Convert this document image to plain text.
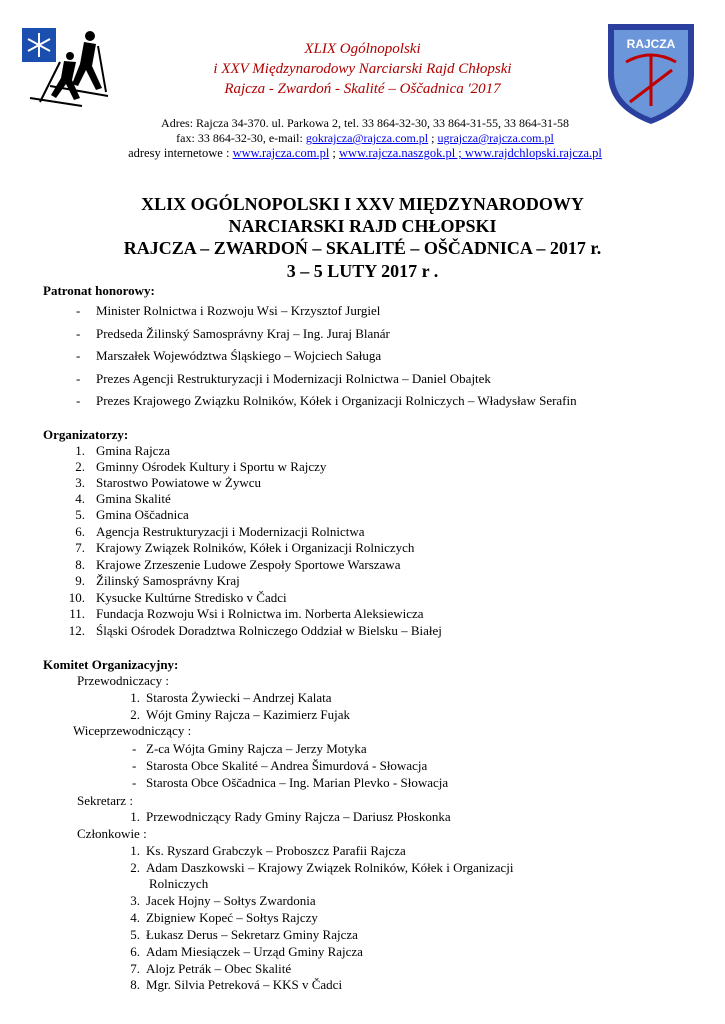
RAJCZA
XLIX Ogólnopolski
i XXV Międzynarodowy Narciarski Rajd Chłopski
Rajcza - Zwardoń - Skalité – Oščadnica '2017
Adres: Rajcza 34-370. ul. Parkowa 2, tel. 33 864-32-30, 33 864-31-55, 33 864-31-58
fax: 33 864-32-30, e-mail: gokrajcza@rajcza.com.pl ; ugrajcza@rajcza.com.pl
adresy internetowe : www.rajcza.com.pl ; www.rajcza.naszgok.pl ; www.rajdchlopski.rajcza.pl
XLIX OGÓLNOPOLSKI I XXV MIĘDZYNARODOWY
NARCIARSKI RAJD CHŁOPSKI
RAJCZA – ZWARDOŃ – SKALITÉ – OŠČADNICA – 2017 r.
3 – 5 LUTY 2017 r .
Patronat honorowy:
- Minister Rolnictwa i Rozwoju Wsi – Krzysztof Jurgiel
- Predseda Žilinský Samosprávny Kraj – Ing. Juraj Blanár
- Marszałek Województwa Śląskiego – Wojciech Saługa
- Prezes Agencji Restrukturyzacji i Modernizacji Rolnictwa – Daniel Obajtek
- Prezes Krajowego Związku Rolników, Kółek i Organizacji Rolniczych – Władysław Serafin
Organizatorzy:
1. Gmina Rajcza
2. Gminny Ośrodek Kultury i Sportu w Rajczy
3. Starostwo Powiatowe w Żywcu
4. Gmina Skalité
5. Gmina Oščadnica
6. Agencja Restrukturyzacji i Modernizacji Rolnictwa
7. Krajowy Związek Rolników, Kółek i Organizacji Rolniczych
8. Krajowe Zrzeszenie Ludowe Zespoły Sportowe Warszawa
9. Žilinský Samosprávny Kraj
10. Kysucke Kultúrne Stredisko v Čadci
11. Fundacja Rozwoju Wsi i Rolnictwa im. Norberta Aleksiewicza
12. Śląski Ośrodek Doradztwa Rolniczego Oddział w Bielsku – Białej
Komitet Organizacyjny:
Przewodniczacy :
1. Starosta Żywiecki – Andrzej Kalata
2. Wójt Gminy Rajcza – Kazimierz Fujak
Wiceprzewodniczący :
- Z-ca Wójta Gminy Rajcza – Jerzy Motyka
- Starosta Obce Skalité – Andrea Šimurdová - Słowacja
- Starosta Obce Oščadnica – Ing. Marian Plevko - Słowacja
Sekretarz :
1. Przewodniczący Rady Gminy Rajcza – Dariusz Płoskonka
Członkowie :
1. Ks. Ryszard Grabczyk – Proboszcz Parafii Rajcza
2. Adam Daszkowski – Krajowy Związek Rolników, Kółek i Organizacji
Rolniczych
3. Jacek Hojny – Sołtys Zwardonia
4. Zbigniew Kopeć – Sołtys Rajczy
5. Łukasz Derus – Sekretarz Gminy Rajcza
6. Adam Miesiączek – Urząd Gminy Rajcza
7. Alojz Petrák – Obec Skalité
8. Mgr. Silvia Petreková – KKS v Čadci
